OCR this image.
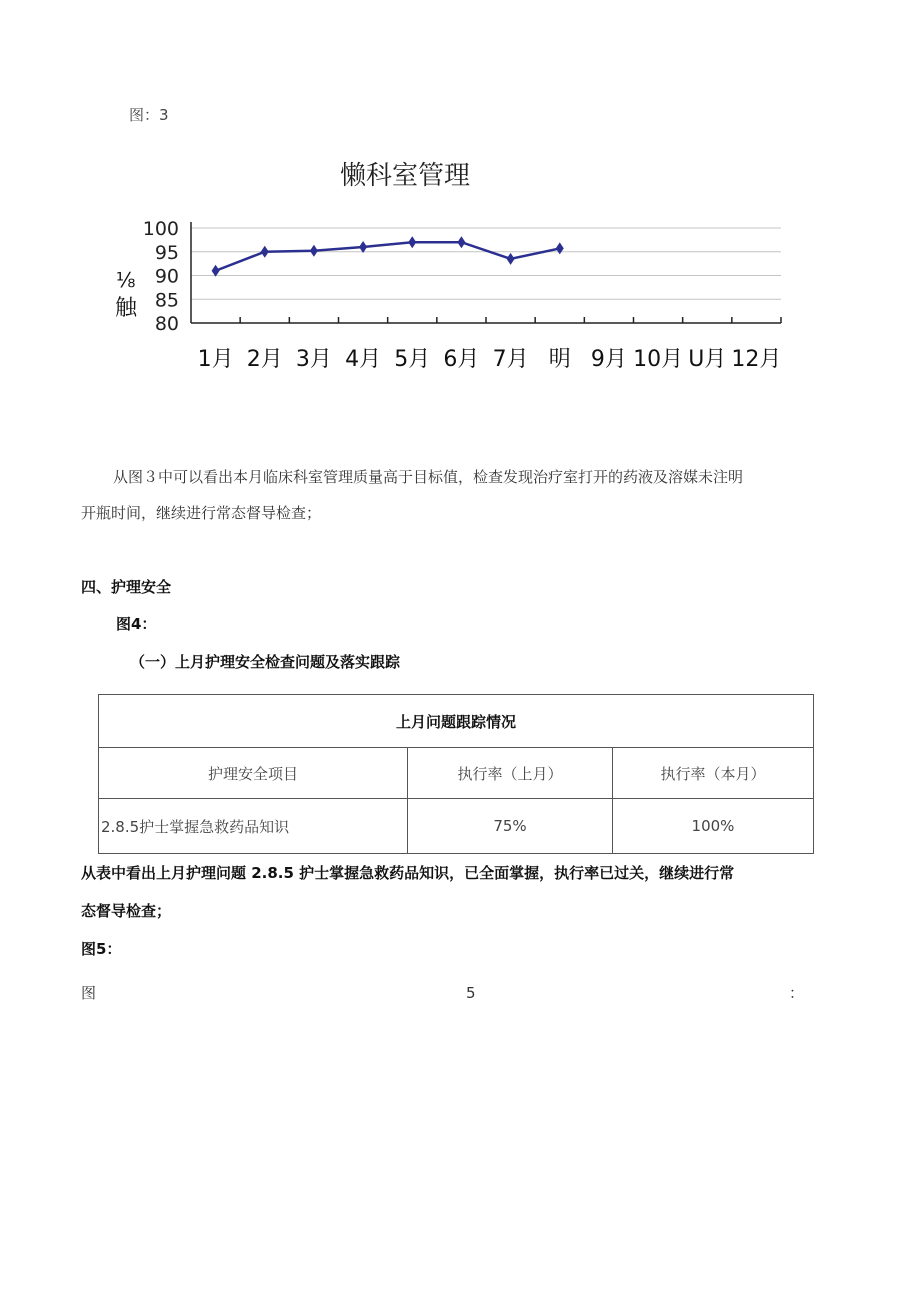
图：3
懒科室管理
100
95
90
85
80
⅛
触
1月 2月 3月 4月 5月 6月 7月 明 9月 10月 U月 12月
从图３中可以看出本月临床科室管理质量高于目标值，检查发现治疗室打开的药液及溶媒未注明
开瓶时间，继续进行常态督导检查；
四、护理安全
图4：
（一）上月护理安全检查问题及落实跟踪
上月问题跟踪情况		
护理安全项目	执行率（上月）	执行率（本月）
2.8.5护士掌握急救药品知识	75%	100%
从表中看出上月护理问题 2.8.5 护士掌握急救药品知识，已全面掌握，执行率已过关，继续进行常
态督导检查；
图5：
图	5	：
